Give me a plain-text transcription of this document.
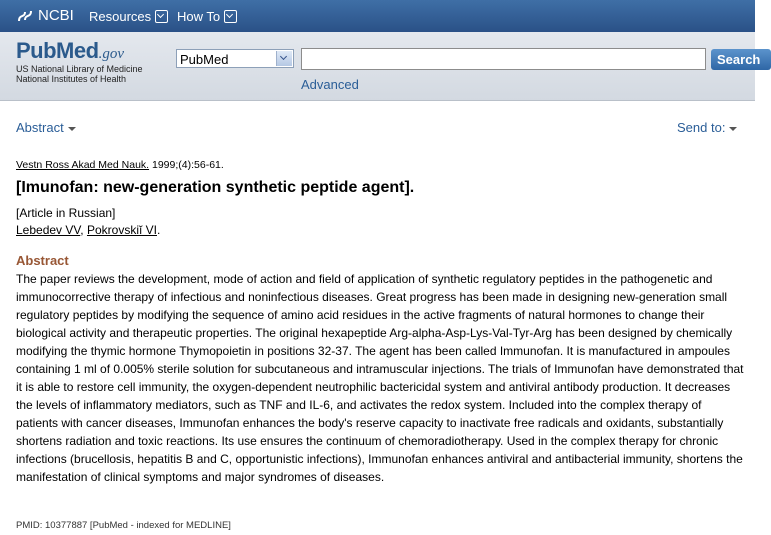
NCBI Resources How To
PubMed.gov
US National Library of Medicine
National Institutes of Health
PubMed	Search
Advanced
Abstract	Send to:
Vestn Ross Akad Med Nauk. 1999;(4):56-61.
[Imunofan: new-generation synthetic peptide agent].
[Article in Russian]
Lebedev VV, Pokrovskiĭ VI.
Abstract
The paper reviews the development, mode of action and field of application of synthetic regulatory peptides in the pathogenetic and immunocorrective therapy of infectious and noninfectious diseases. Great progress has been made in designing new-generation small regulatory peptides by modifying the sequence of amino acid residues in the active fragments of natural hormones to change their biological activity and therapeutic properties. The original hexapeptide Arg-alpha-Asp-Lys-Val-Tyr-Arg has been designed by chemically modifying the thymic hormone Thymopoietin in positions 32-37. The agent has been called Immunofan. It is manufactured in ampoules containing 1 ml of 0.005% sterile solution for subcutaneous and intramuscular injections. The trials of Immunofan have demonstrated that it is able to restore cell immunity, the oxygen-dependent neutrophilic bactericidal system and antiviral antibody production. It decreases the levels of inflammatory mediators, such as TNF and IL-6, and activates the redox system. Included into the complex therapy of patients with cancer diseases, Immunofan enhances the body's reserve capacity to inactivate free radicals and oxidants, substantially shortens radiation and toxic reactions. Its use ensures the continuum of chemoradiotherapy. Used in the complex therapy for chronic infections (brucellosis, hepatitis B and C, opportunistic infections), Immunofan enhances antiviral and antibacterial immunity, shortens the manifestation of clinical symptoms and major syndromes of diseases.
PMID: 10377887 [PubMed - indexed for MEDLINE]
